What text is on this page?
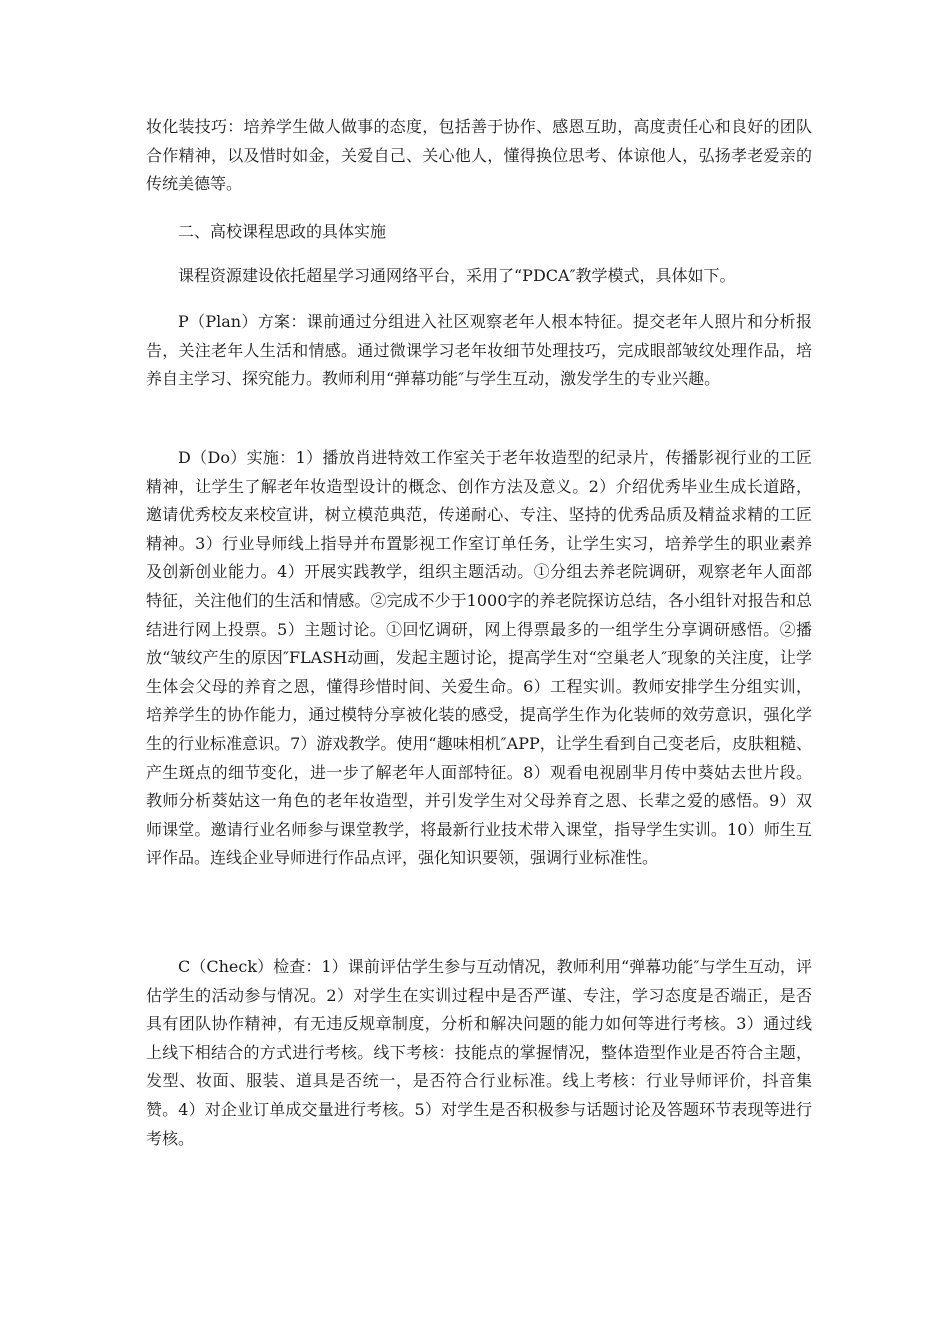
妆化装技巧：培养学生做人做事的态度，包括善于协作、感恩互助，高度责任心和良好的团队合作精神，以及惜时如金，关爱自己、关心他人，懂得换位思考、体谅他人，弘扬孝老爱亲的传统美德等。

二、高校课程思政的具体实施

课程资源建设依托超星学习通网络平台，采用了“PDCA″教学模式，具体如下。

P（Plan）方案：课前通过分组进入社区观察老年人根本特征。提交老年人照片和分析报告，关注老年人生活和情感。通过微课学习老年妆细节处理技巧，完成眼部皱纹处理作品，培养自主学习、探究能力。教师利用“弹幕功能″与学生互动，激发学生的专业兴趣。

D（Do）实施：1）播放肖进特效工作室关于老年妆造型的纪录片，传播影视行业的工匠精神，让学生了解老年妆造型设计的概念、创作方法及意义。2）介绍优秀毕业生成长道路，邀请优秀校友来校宣讲，树立模范典范，传递耐心、专注、坚持的优秀品质及精益求精的工匠精神。3）行业导师线上指导并布置影视工作室订单任务，让学生实习，培养学生的职业素养及创新创业能力。4）开展实践教学，组织主题活动。①分组去养老院调研，观察老年人面部特征，关注他们的生活和情感。②完成不少于1000字的养老院探访总结，各小组针对报告和总结进行网上投票。5）主题讨论。①回忆调研，网上得票最多的一组学生分享调研感悟。②播放“皱纹产生的原因″FLASH动画，发起主题讨论，提高学生对“空巢老人″现象的关注度，让学生体会父母的养育之恩，懂得珍惜时间、关爱生命。6）工程实训。教师安排学生分组实训，培养学生的协作能力，通过模特分享被化装的感受，提高学生作为化装师的效劳意识，强化学生的行业标准意识。7）游戏教学。使用“趣味相机″APP，让学生看到自己变老后，皮肤粗糙、产生斑点的细节变化，进一步了解老年人面部特征。8）观看电视剧芈月传中葵姑去世片段。教师分析葵姑这一角色的老年妆造型，并引发学生对父母养育之恩、长辈之爱的感悟。9）双师课堂。邀请行业名师参与课堂教学，将最新行业技术带入课堂，指导学生实训。10）师生互评作品。连线企业导师进行作品点评，强化知识要领，强调行业标准性。

C（Check）检查：1）课前评估学生参与互动情况，教师利用“弹幕功能″与学生互动，评估学生的活动参与情况。2）对学生在实训过程中是否严谨、专注，学习态度是否端正，是否具有团队协作精神，有无违反规章制度，分析和解决问题的能力如何等进行考核。3）通过线上线下相结合的方式进行考核。线下考核：技能点的掌握情况，整体造型作业是否符合主题，发型、妆面、服装、道具是否统一，是否符合行业标准。线上考核：行业导师评价，抖音集赞。4）对企业订单成交量进行考核。5）对学生是否积极参与话题讨论及答题环节表现等进行考核。
